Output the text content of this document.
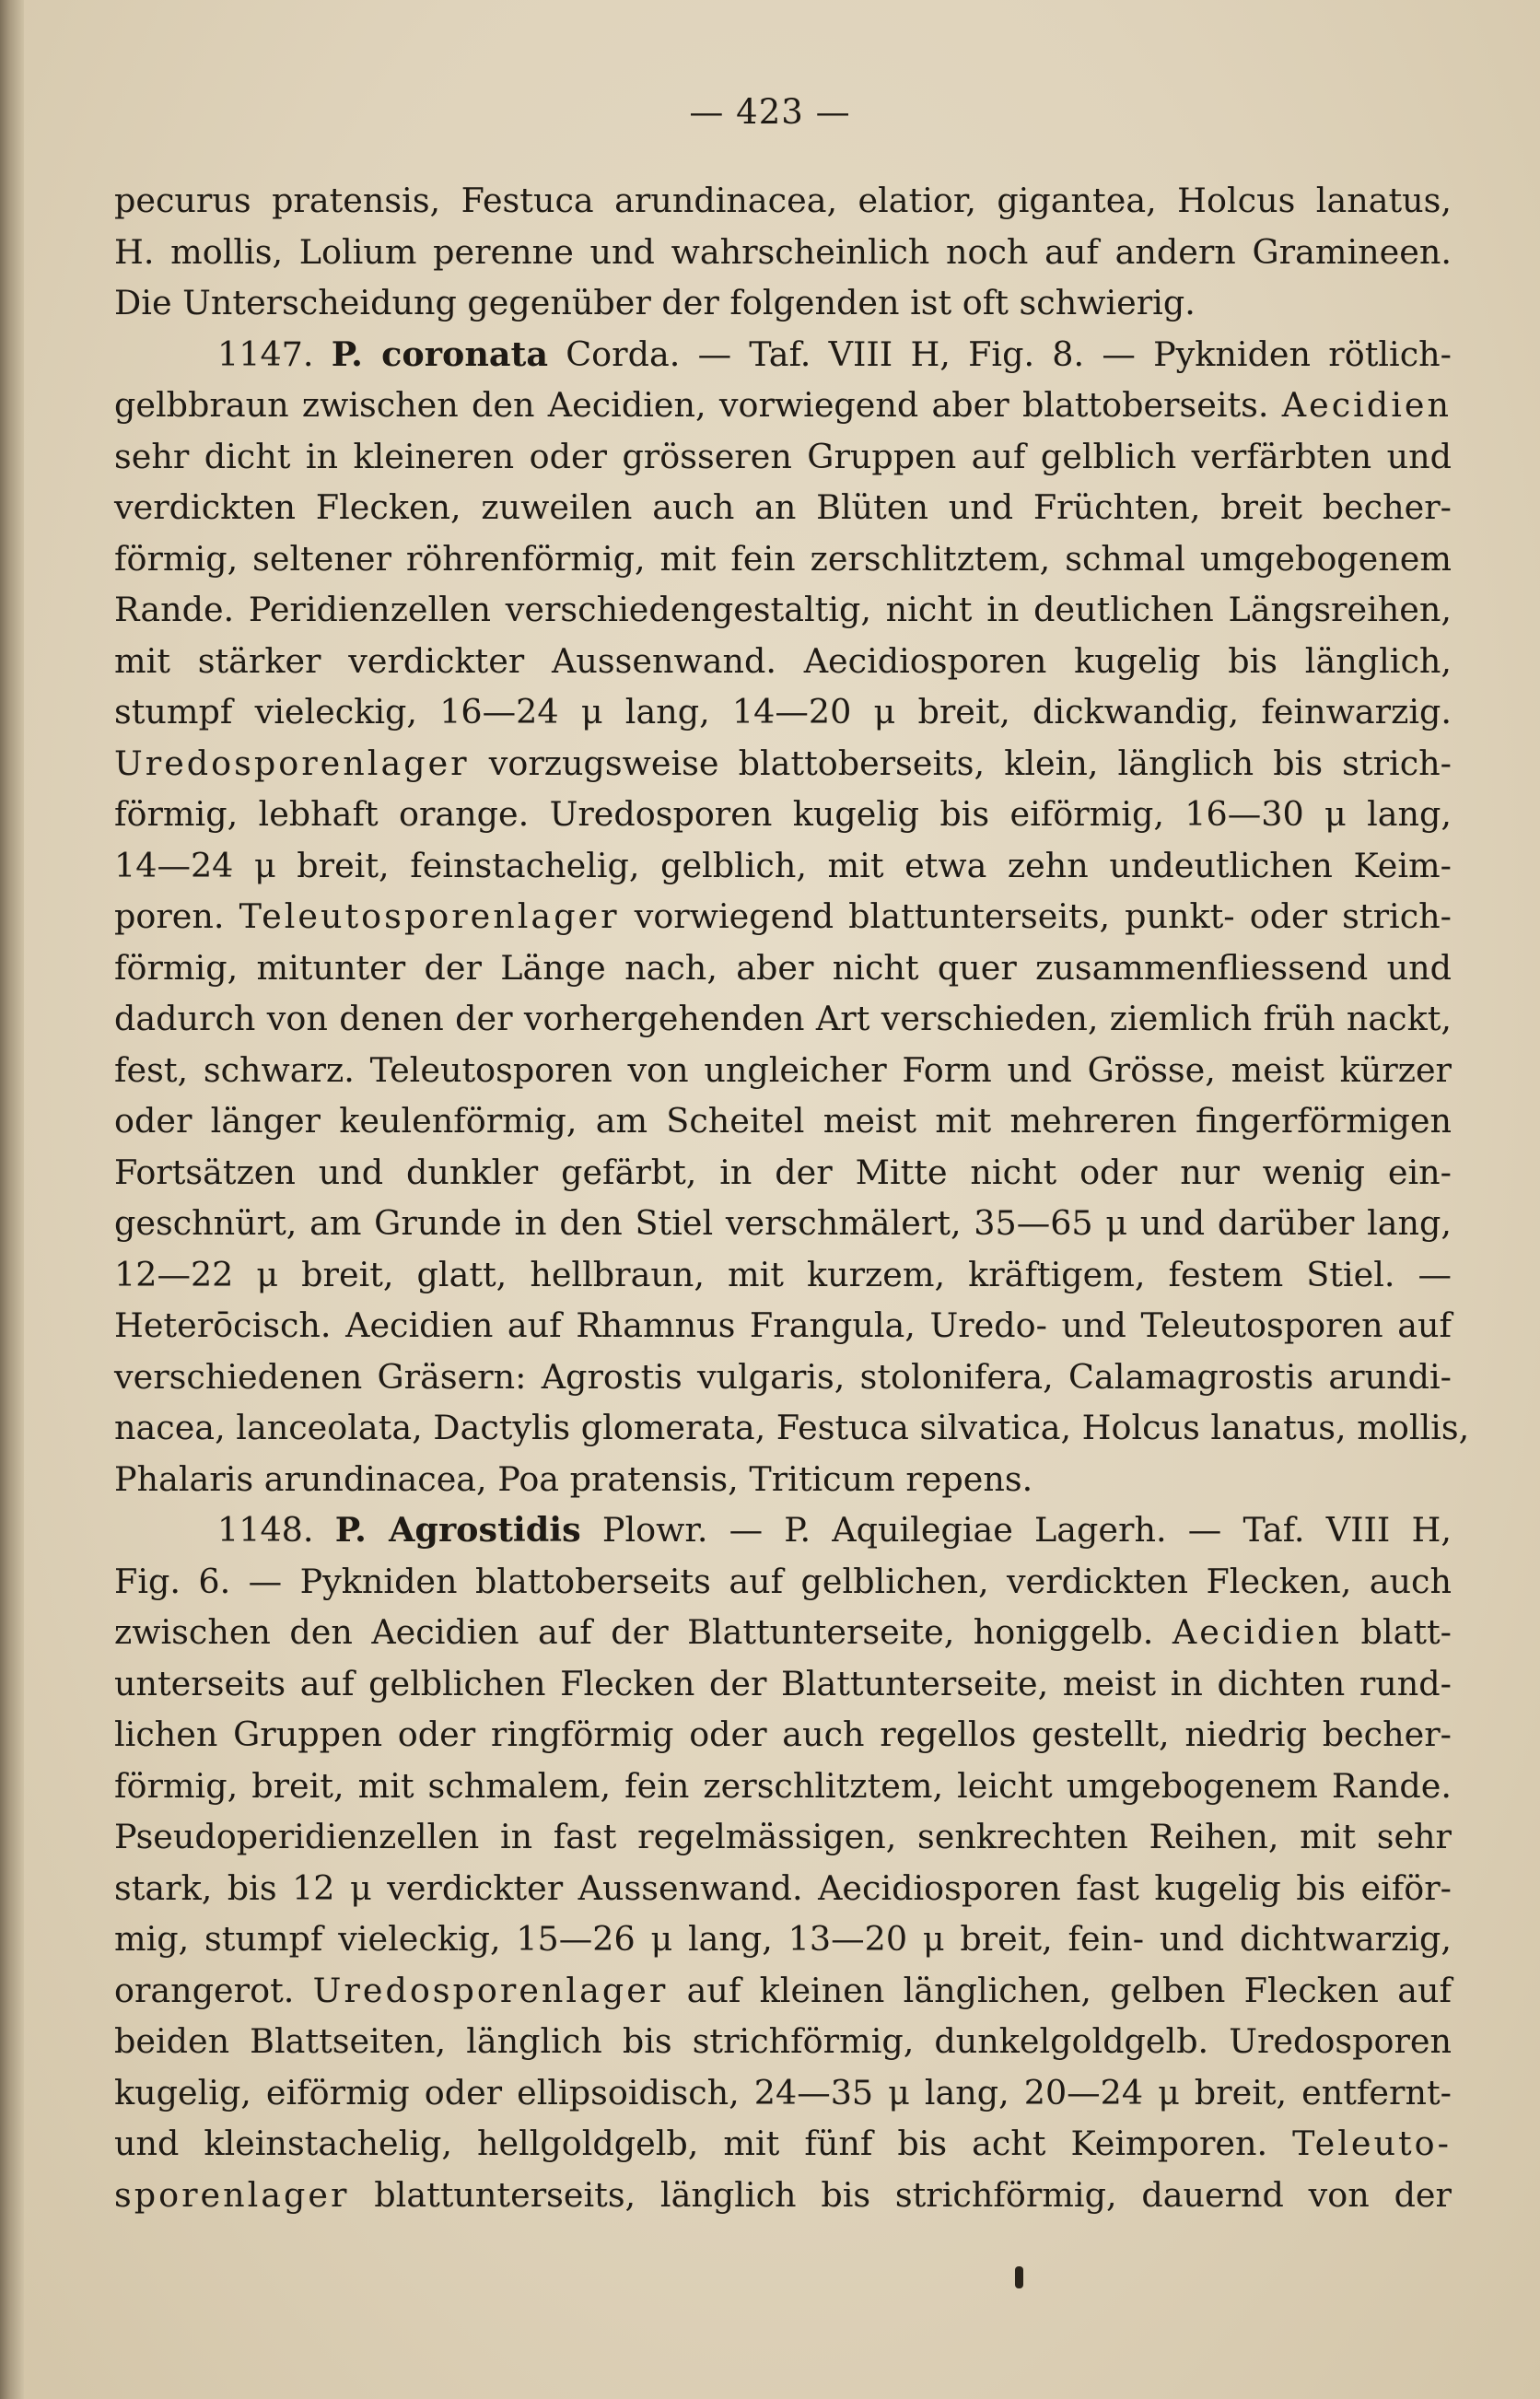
— 423 —
pecurus pratensis, Festuca arundinacea, elatior, gigantea, Holcus lanatus,
H. mollis, Lolium perenne und wahrscheinlich noch auf andern Gramineen.
Die Unterscheidung gegenüber der folgenden ist oft schwierig.
1147. P. coronata Corda. — Taf. VIII H, Fig. 8. — Pykniden rötlich-
gelbbraun zwischen den Aecidien, vorwiegend aber blattoberseits. Aecidien
sehr dicht in kleineren oder grösseren Gruppen auf gelblich verfärbten und
verdickten Flecken, zuweilen auch an Blüten und Früchten, breit becher-
förmig, seltener röhrenförmig, mit fein zerschlitztem, schmal umgebogenem
Rande. Peridienzellen verschiedengestaltig, nicht in deutlichen Längsreihen,
mit stärker verdickter Aussenwand. Aecidiosporen kugelig bis länglich,
stumpf vieleckig, 16—24 μ lang, 14—20 μ breit, dickwandig, feinwarzig.
Uredosporenlager vorzugsweise blattoberseits, klein, länglich bis strich-
förmig, lebhaft orange. Uredosporen kugelig bis eiförmig, 16—30 μ lang,
14—24 μ breit, feinstachelig, gelblich, mit etwa zehn undeutlichen Keim-
poren. Teleutosporenlager vorwiegend blattunterseits, punkt- oder strich-
förmig, mitunter der Länge nach, aber nicht quer zusammenfliessend und
dadurch von denen der vorhergehenden Art verschieden, ziemlich früh nackt,
fest, schwarz. Teleutosporen von ungleicher Form und Grösse, meist kürzer
oder länger keulenförmig, am Scheitel meist mit mehreren fingerförmigen
Fortsätzen und dunkler gefärbt, in der Mitte nicht oder nur wenig ein-
geschnürt, am Grunde in den Stiel verschmälert, 35—65 μ und darüber lang,
12—22 μ breit, glatt, hellbraun, mit kurzem, kräftigem, festem Stiel. —
Heterōcisch. Aecidien auf Rhamnus Frangula, Uredo- und Teleutosporen auf
verschiedenen Gräsern: Agrostis vulgaris, stolonifera, Calamagrostis arundi-
nacea, lanceolata, Dactylis glomerata, Festuca silvatica, Holcus lanatus, mollis,
Phalaris arundinacea, Poa pratensis, Triticum repens.
1148. P. Agrostidis Plowr. — P. Aquilegiae Lagerh. — Taf. VIII H,
Fig. 6. — Pykniden blattoberseits auf gelblichen, verdickten Flecken, auch
zwischen den Aecidien auf der Blattunterseite, honiggelb. Aecidien blatt-
unterseits auf gelblichen Flecken der Blattunterseite, meist in dichten rund-
lichen Gruppen oder ringförmig oder auch regellos gestellt, niedrig becher-
förmig, breit, mit schmalem, fein zerschlitztem, leicht umgebogenem Rande.
Pseudoperidienzellen in fast regelmässigen, senkrechten Reihen, mit sehr
stark, bis 12 μ verdickter Aussenwand. Aecidiosporen fast kugelig bis eiför-
mig, stumpf vieleckig, 15—26 μ lang, 13—20 μ breit, fein- und dichtwarzig,
orangerot. Uredosporenlager auf kleinen länglichen, gelben Flecken auf
beiden Blattseiten, länglich bis strichförmig, dunkelgoldgelb. Uredosporen
kugelig, eiförmig oder ellipsoidisch, 24—35 μ lang, 20—24 μ breit, entfernt-
und kleinstachelig, hellgoldgelb, mit fünf bis acht Keimporen. Teleuto-
sporenlager blattunterseits, länglich bis strichförmig, dauernd von der
